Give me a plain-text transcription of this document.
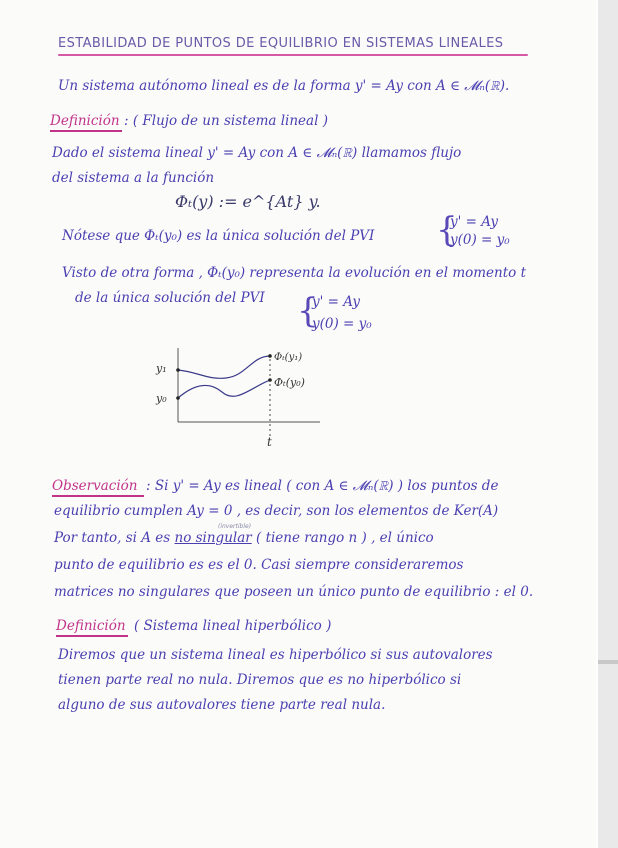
ESTABILIDAD DE PUNTOS DE EQUILIBRIO EN SISTEMAS LINEALES
Un sistema autónomo lineal es de la forma y' = Ay con A ∈ 𝓜ₙ(ℝ).
Definición : ( Flujo de un sistema lineal )
Dado el sistema lineal y' = Ay con A ∈ 𝓜ₙ(ℝ) llamamos flujo
del sistema a la función
Φₜ(y) := e^{At} y.
Nótese que Φₜ(y₀) es la única solución del PVI {
y' = Ay
y(0) = y₀
Visto de otra forma , Φₜ(y₀) representa la evolución en el momento t
de la única solución del PVI {
y' = Ay
y(0) = y₀
y₁
y₀
Φₜ(y₁)
Φₜ(y₀)
t
Observación : Si y' = Ay es lineal ( con A ∈ 𝓜ₙ(ℝ) ) los puntos de
equilibrio cumplen Ay = 0 , es decir, son los elementos de Ker(A)
(invertible)
Por tanto, si A es no singular ( tiene rango n ) , el único
punto de equilibrio es es el 0. Casi siempre consideraremos
matrices no singulares que poseen un único punto de equilibrio : el 0.
Definición ( Sistema lineal hiperbólico )
Diremos que un sistema lineal es hiperbólico si sus autovalores
tienen parte real no nula. Diremos que es no hiperbólico si
alguno de sus autovalores tiene parte real nula.
